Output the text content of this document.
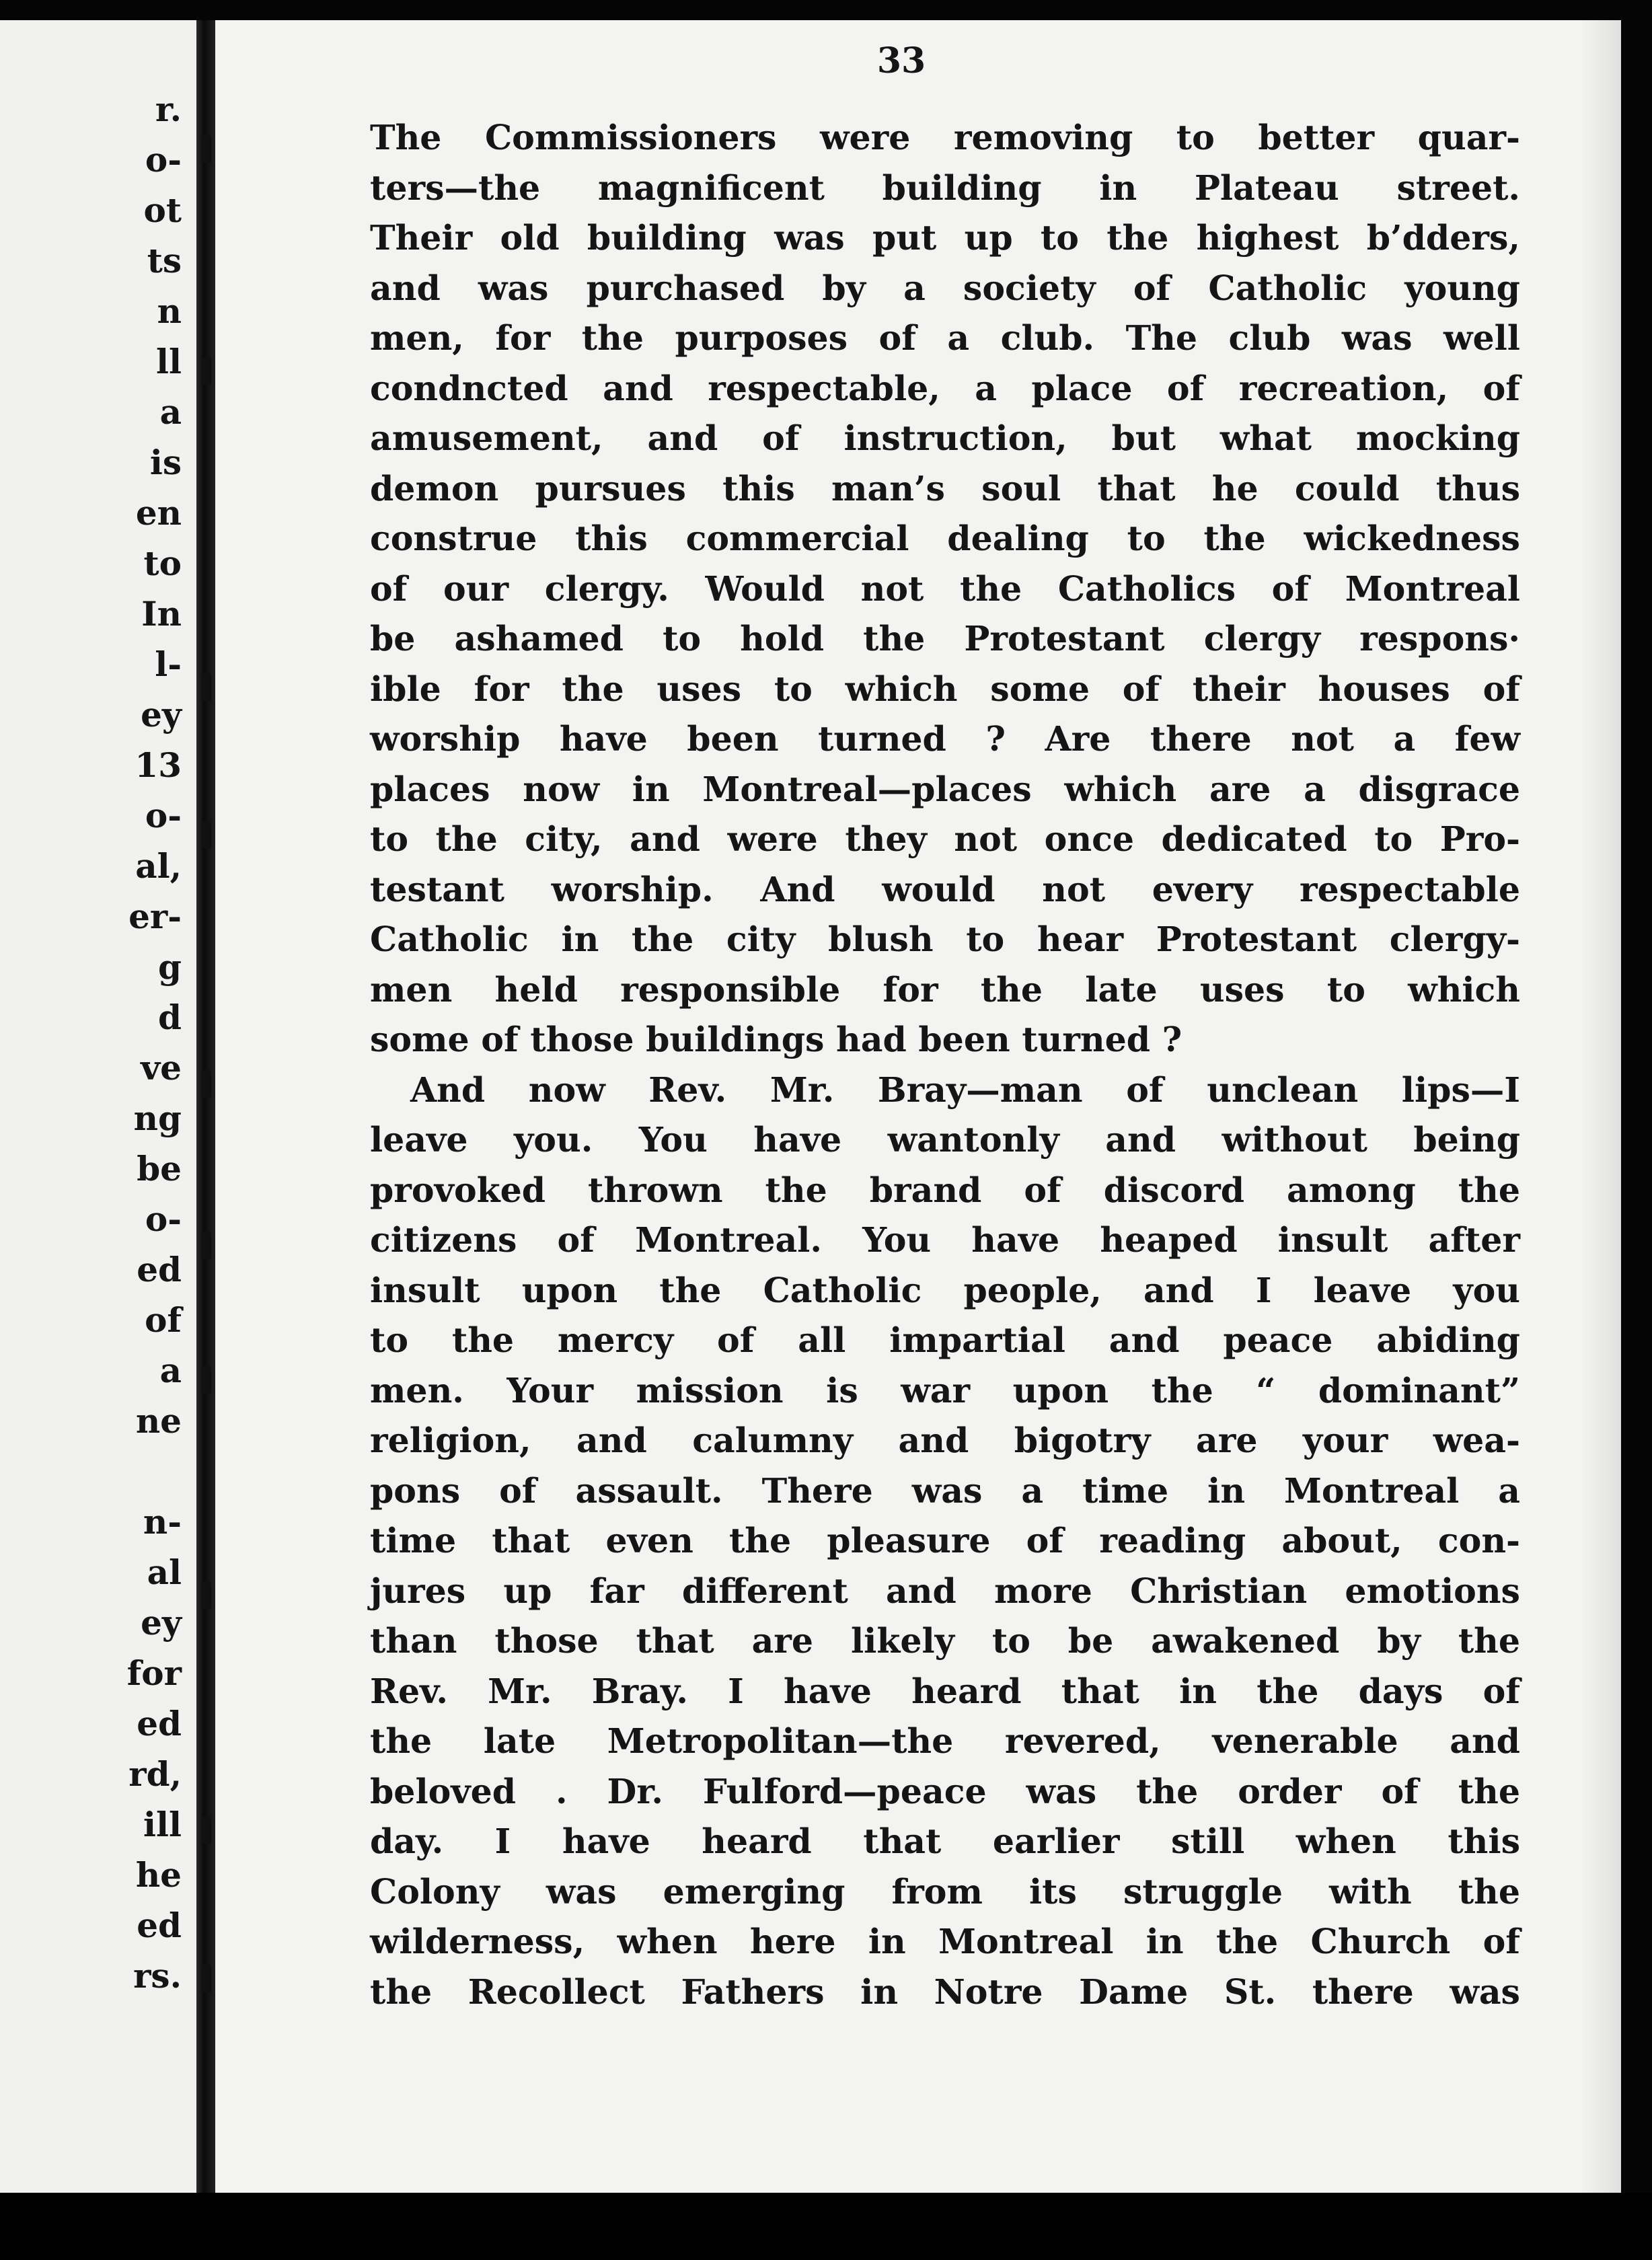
r.
o-
ot
ts
n
ll
a
is
en
to
In
l-
ey
13
o-
al,
er-
g
d
ve
ng
be
o-
ed
of
a
ne
n-
al
ey
for
ed
rd,
ill
he
ed
rs.
33
The Commissioners were removing to better quar-
ters—the magnificent building in Plateau street.
Their old building was put up to the highest b’dders,
and was purchased by a society of Catholic young
men, for the purposes of a club. The club was well
condncted and respectable, a place of recreation, of
amusement, and of instruction, but what mocking
demon pursues this man’s soul that he could thus
construe this commercial dealing to the wickedness
of our clergy. Would not the Catholics of Montreal
be ashamed to hold the Protestant clergy respons·
ible for the uses to which some of their houses of
worship have been turned ? Are there not a few
places now in Montreal—places which are a disgrace
to the city, and were they not once dedicated to Pro-
testant worship. And would not every respectable
Catholic in the city blush to hear Protestant clergy-
men held responsible for the late uses to which
some of those buildings had been turned ?
And now Rev. Mr. Bray—man of unclean lips—I
leave you. You have wantonly and without being
provoked thrown the brand of discord among the
citizens of Montreal. You have heaped insult after
insult upon the Catholic people, and I leave you
to the mercy of all impartial and peace abiding
men. Your mission is war upon the “ dominant”
religion, and calumny and bigotry are your wea-
pons of assault. There was a time in Montreal a
time that even the pleasure of reading about, con-
jures up far different and more Christian emotions
than those that are likely to be awakened by the
Rev. Mr. Bray. I have heard that in the days of
the late Metropolitan—the revered, venerable and
beloved . Dr. Fulford—peace was the order of the
day. I have heard that earlier still when this
Colony was emerging from its struggle with the
wilderness, when here in Montreal in the Church of
the Recollect Fathers in Notre Dame St. there was
